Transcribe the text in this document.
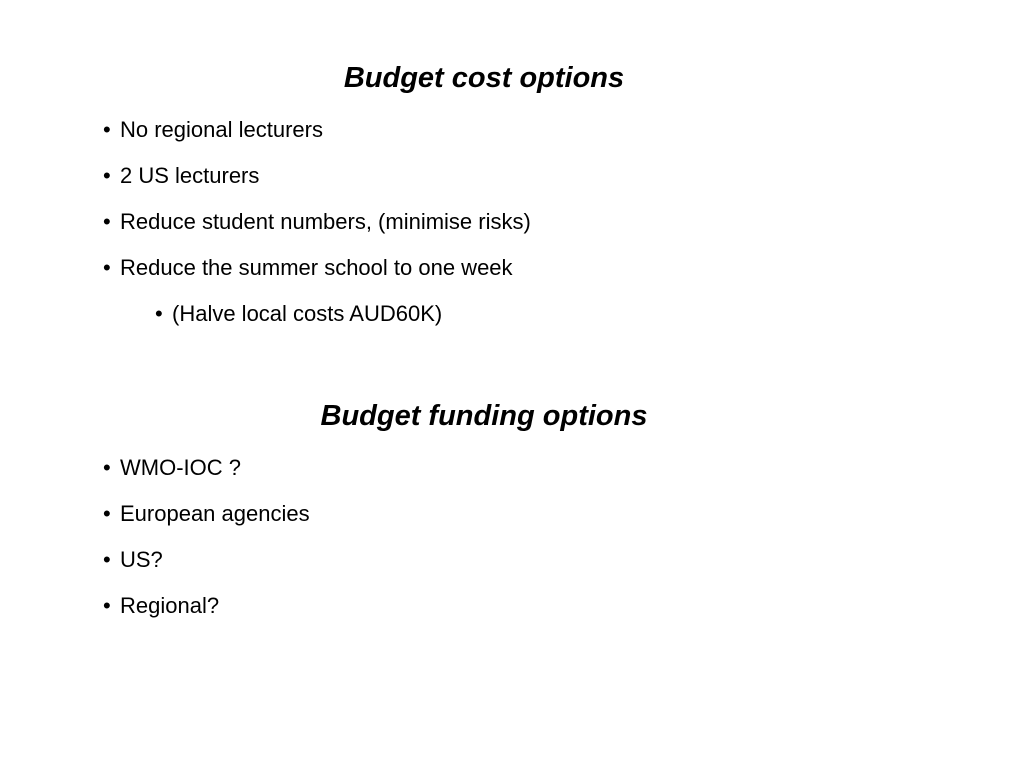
Budget cost options
• No regional lecturers
• 2 US lecturers
• Reduce student numbers, (minimise risks)
• Reduce the summer school to one week
• (Halve local costs AUD60K)
Budget funding options
• WMO-IOC ?
• European agencies
• US?
• Regional?
